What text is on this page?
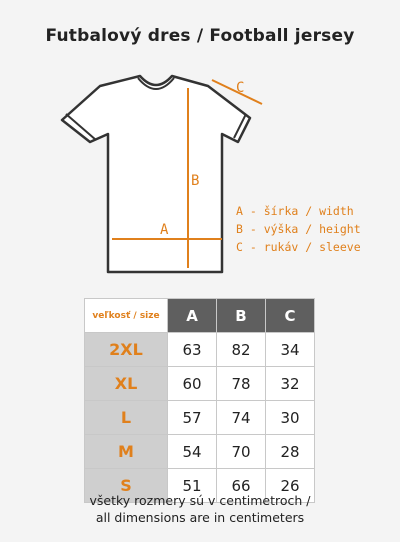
Futbalový dres / Football jersey
B
A
C
A - šírka / width
B - výška / height
C - rukáv / sleeve
veľkosť / size	A	B	C
2XL	63	82	34
XL	60	78	32
L	57	74	30
M	54	70	28
S	51	66	26
všetky rozmery sú v centimetroch /
all dimensions are in centimeters
